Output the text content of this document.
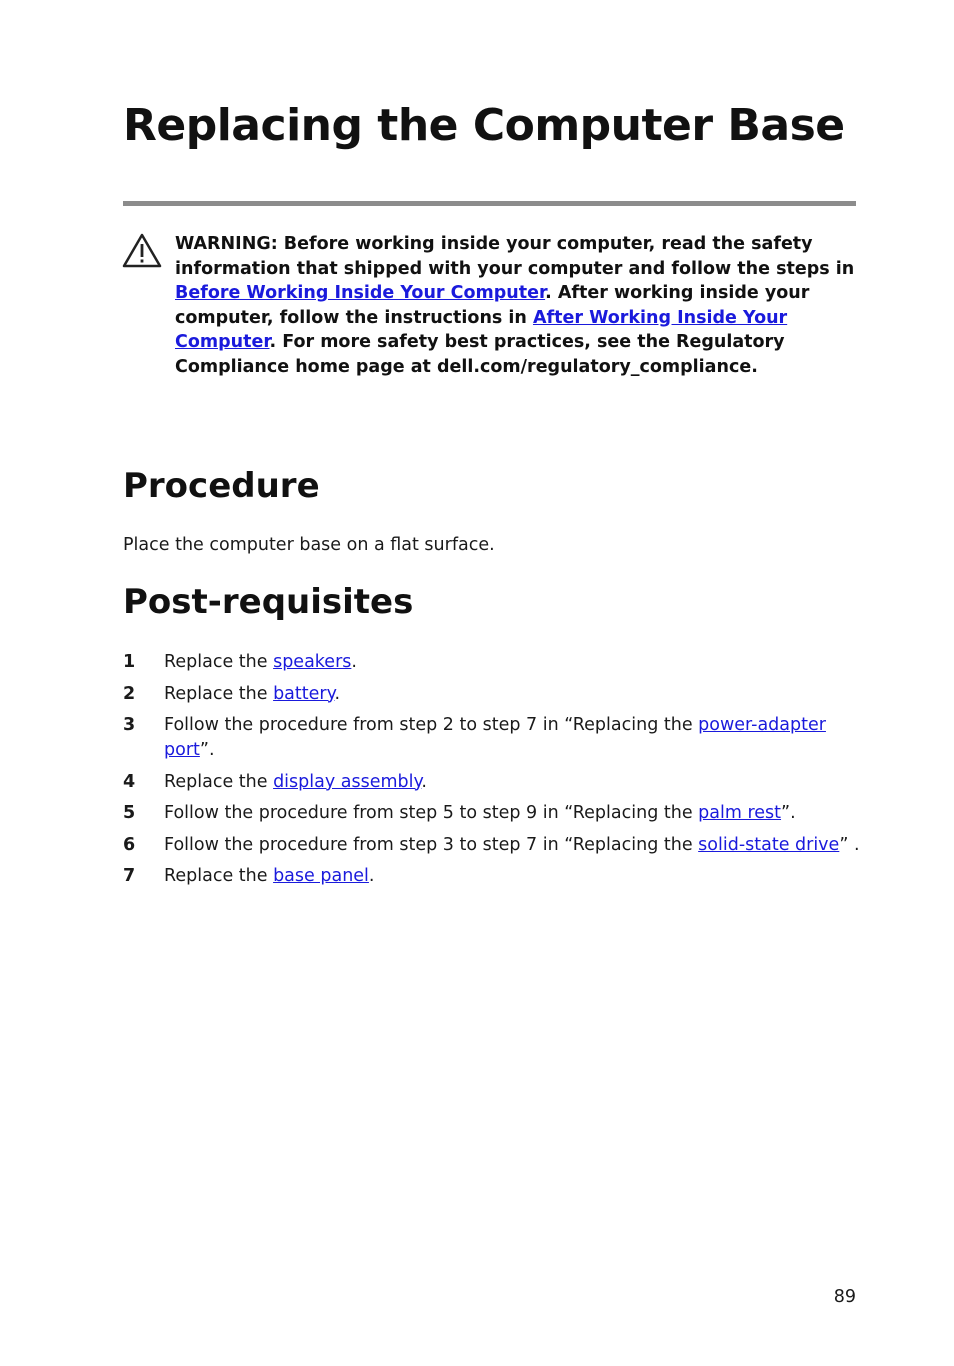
Replacing the Computer Base
WARNING: Before working inside your computer, read the safety information that shipped with your computer and follow the steps in Before Working Inside Your Computer. After working inside your computer, follow the instructions in After Working Inside Your Computer. For more safety best practices, see the Regulatory Compliance home page at dell.com/regulatory_compliance.
Procedure

Place the computer base on a flat surface.

Post-requisites
1 Replace the speakers.
2 Replace the battery.
3 Follow the procedure from step 2 to step 7 in “Replacing the power-adapter port”.
4 Replace the display assembly.
5 Follow the procedure from step 5 to step 9 in “Replacing the palm rest”.
6 Follow the procedure from step 3 to step 7 in “Replacing the solid-state drive” .
7 Replace the base panel.
89
